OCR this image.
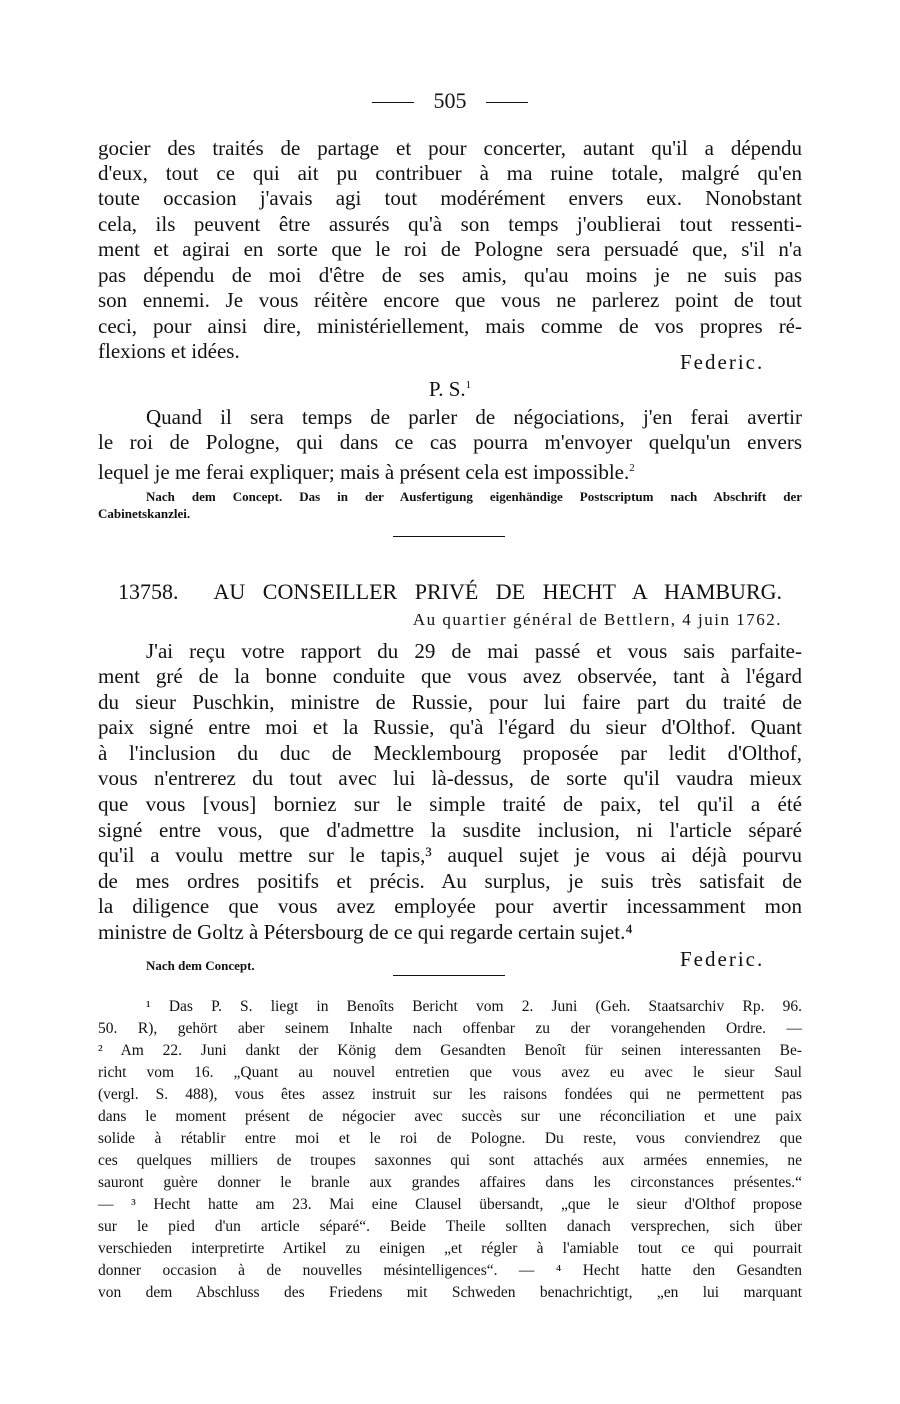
505
gocier des traités de partage et pour concerter, autant qu'il a dépendu
d'eux, tout ce qui ait pu contribuer à ma ruine totale, malgré qu'en
toute occasion j'avais agi tout modérément envers eux. Nonobstant
cela, ils peuvent être assurés qu'à son temps j'oublierai tout ressenti-
ment et agirai en sorte que le roi de Pologne sera persuadé que, s'il n'a
pas dépendu de moi d'être de ses amis, qu'au moins je ne suis pas
son ennemi. Je vous réitère encore que vous ne parlerez point de tout
ceci, pour ainsi dire, ministériellement, mais comme de vos propres ré-
flexions et idées.	Federic.
P. S.$^1$
Quand il sera temps de parler de négociations, j'en ferai avertir
le roi de Pologne, qui dans ce cas pourra m'envoyer quelqu'un envers
lequel je me ferai expliquer; mais à présent cela est impossible.$^2$
Nach dem Concept. Das in der Ausfertigung eigenhändige Postscriptum nach Abschrift der
Cabinetskanzlei.
13758. AU CONSEILLER PRIVÉ DE HECHT A HAMBURG.
Au quartier général de Bettlern, 4 juin 1762.
J'ai reçu votre rapport du 29 de mai passé et vous sais parfaite-
ment gré de la bonne conduite que vous avez observée, tant à l'égard
du sieur Puschkin, ministre de Russie, pour lui faire part du traité de
paix signé entre moi et la Russie, qu'à l'égard du sieur d'Olthof. Quant
à l'inclusion du duc de Mecklembourg proposée par ledit d'Olthof,
vous n'entrerez du tout avec lui là-dessus, de sorte qu'il vaudra mieux
que vous [vous] borniez sur le simple traité de paix, tel qu'il a été
signé entre vous, que d'admettre la susdite inclusion, ni l'article séparé
qu'il a voulu mettre sur le tapis,³ auquel sujet je vous ai déjà pourvu
de mes ordres positifs et précis. Au surplus, je suis très satisfait de
la diligence que vous avez employée pour avertir incessamment mon
ministre de Goltz à Pétersbourg de ce qui regarde certain sujet.⁴
Nach dem Concept.	Federic.
¹ Das P. S. liegt in Benoîts Bericht vom 2. Juni (Geh. Staatsarchiv Rp. 96.
50. R), gehört aber seinem Inhalte nach offenbar zu der vorangehenden Ordre. —
² Am 22. Juni dankt der König dem Gesandten Benoît für seinen interessanten Be-
richt vom 16. „Quant au nouvel entretien que vous avez eu avec le sieur Saul
(vergl. S. 488), vous êtes assez instruit sur les raisons fondées qui ne permettent pas
dans le moment présent de négocier avec succès sur une réconciliation et une paix
solide à rétablir entre moi et le roi de Pologne. Du reste, vous conviendrez que
ces quelques milliers de troupes saxonnes qui sont attachés aux armées ennemies, ne
sauront guère donner le branle aux grandes affaires dans les circonstances présentes.“
— ³ Hecht hatte am 23. Mai eine Clausel übersandt, „que le sieur d'Olthof propose
sur le pied d'un article séparé“. Beide Theile sollten danach versprechen, sich über
verschieden interpretirte Artikel zu einigen „et régler à l'amiable tout ce qui pourrait
donner occasion à de nouvelles mésintelligences“. — ⁴ Hecht hatte den Gesandten
von dem Abschluss des Friedens mit Schweden benachrichtigt, „en lui marquant
